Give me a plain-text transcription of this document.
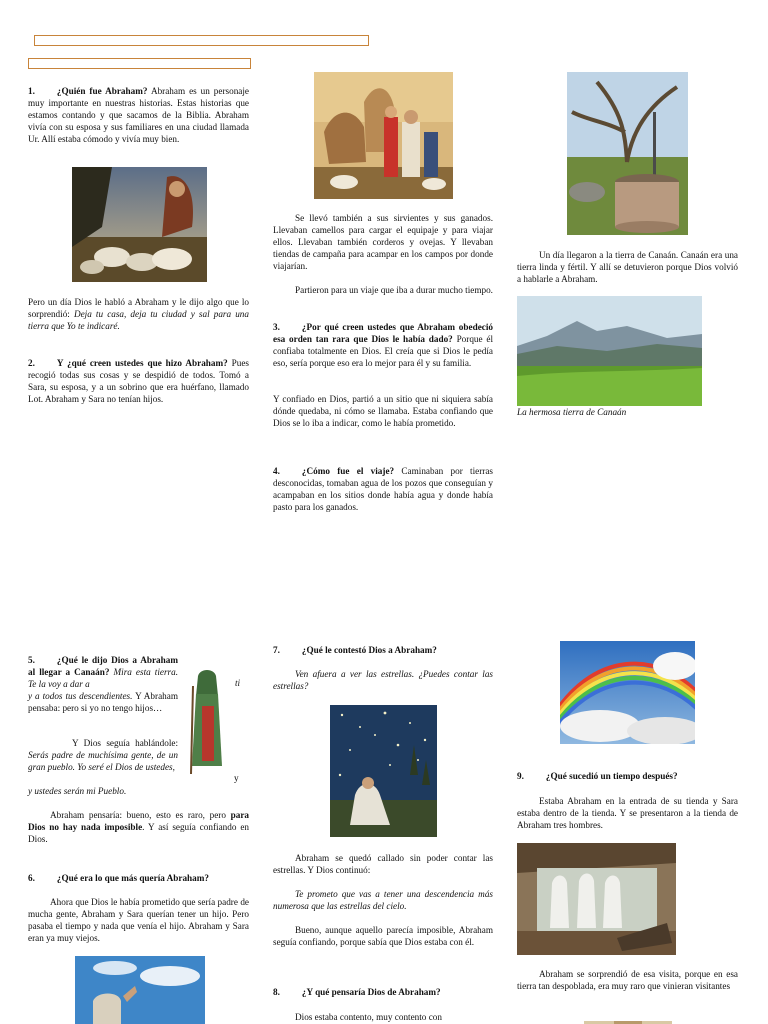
1. ¿Quién fue Abraham? Abraham es un personaje muy importante en nuestras historias. Estas historias que estamos contando y que sacamos de la Biblia. Abraham vivía con su esposa y sus familiares en una ciudad llamada Ur. Allí estaba cómodo y vivía muy bien.

Pero un día Dios le habló a Abraham y le dijo algo que lo sorprendió: Deja tu casa, deja tu ciudad y sal para una tierra que Yo te indicaré.

2. Y ¿qué creen ustedes que hizo Abraham? Pues recogió todas sus cosas y se despidió de todos. Tomó a Sara, su esposa, y a un sobrino que era huérfano, llamado Lot. Abraham y Sara no tenían hijos.

Se llevó también a sus sirvientes y sus ganados. Llevaban camellos para cargar el equipaje y para viajar ellos. Llevaban también corderos y ovejas. Y llevaban tiendas de campaña para acampar en los campos por donde viajarían.

Partieron para un viaje que iba a durar mucho tiempo.

3. ¿Por qué creen ustedes que Abraham obedeció esa orden tan rara que Dios le había dado? Porque él confiaba totalmente en Dios. El creía que si Dios le pedía eso, sería porque eso era lo mejor para él y su familia.

Y confiado en Dios, partió a un sitio que ni siquiera sabía dónde quedaba, ni cómo se llamaba. Estaba confiando que Dios se lo iba a indicar, como le había prometido.

4. ¿Cómo fue el viaje? Caminaban por tierras desconocidas, tomaban agua de los pozos que conseguían y acampaban en los sitios donde había agua y donde había pasto para los ganados.

Un día llegaron a la tierra de Canaán. Canaán era una tierra linda y fértil. Y allí se detuvieron porque Dios volvió a hablarle a Abraham.

La hermosa tierra de Canaán

5. ¿Qué le dijo Dios a Abraham al llegar a Canaán? Mira esta tierra. Te la voy a dar a	ti

y a todos tus descendientes. Y Abraham pensaba: pero si yo no tengo hijos…

Y Dios seguía hablándole: Serás padre de muchísima gente, de un gran pueblo. Yo seré el Dios de ustedes,

y

y ustedes serán mi Pueblo.

Abraham pensaría: bueno, esto es raro, pero para Dios no hay nada imposible. Y así seguía confiando en Dios.

6. ¿Qué era lo que más quería Abraham?

Ahora que Dios le había prometido que sería padre de mucha gente, Abraham y Sara querían tener un hijo. Pero pasaba el tiempo y nada que venía el hijo. Abraham y Sara eran ya muy viejos.

7. ¿Qué le contestó Dios a Abraham?

Ven afuera a ver las estrellas. ¿Puedes contar las estrellas?

Abraham se quedó callado sin poder contar las estrellas. Y Dios continuó:

Te prometo que vas a tener una descendencia más numerosa que las estrellas del cielo.

Bueno, aunque aquello parecía imposible, Abraham seguía confiando, porque sabía que Dios estaba con él.

8. ¿Y qué pensaría Dios de Abraham?

Dios estaba contento, muy contento con

9. ¿Qué sucedió un tiempo después?

Estaba Abraham en la entrada de su tienda y Sara estaba dentro de la tienda. Y se presentaron a la tienda de Abraham tres hombres.

Abraham se sorprendió de esa visita, porque en esa tierra tan despoblada, era muy raro que vinieran visitantes
